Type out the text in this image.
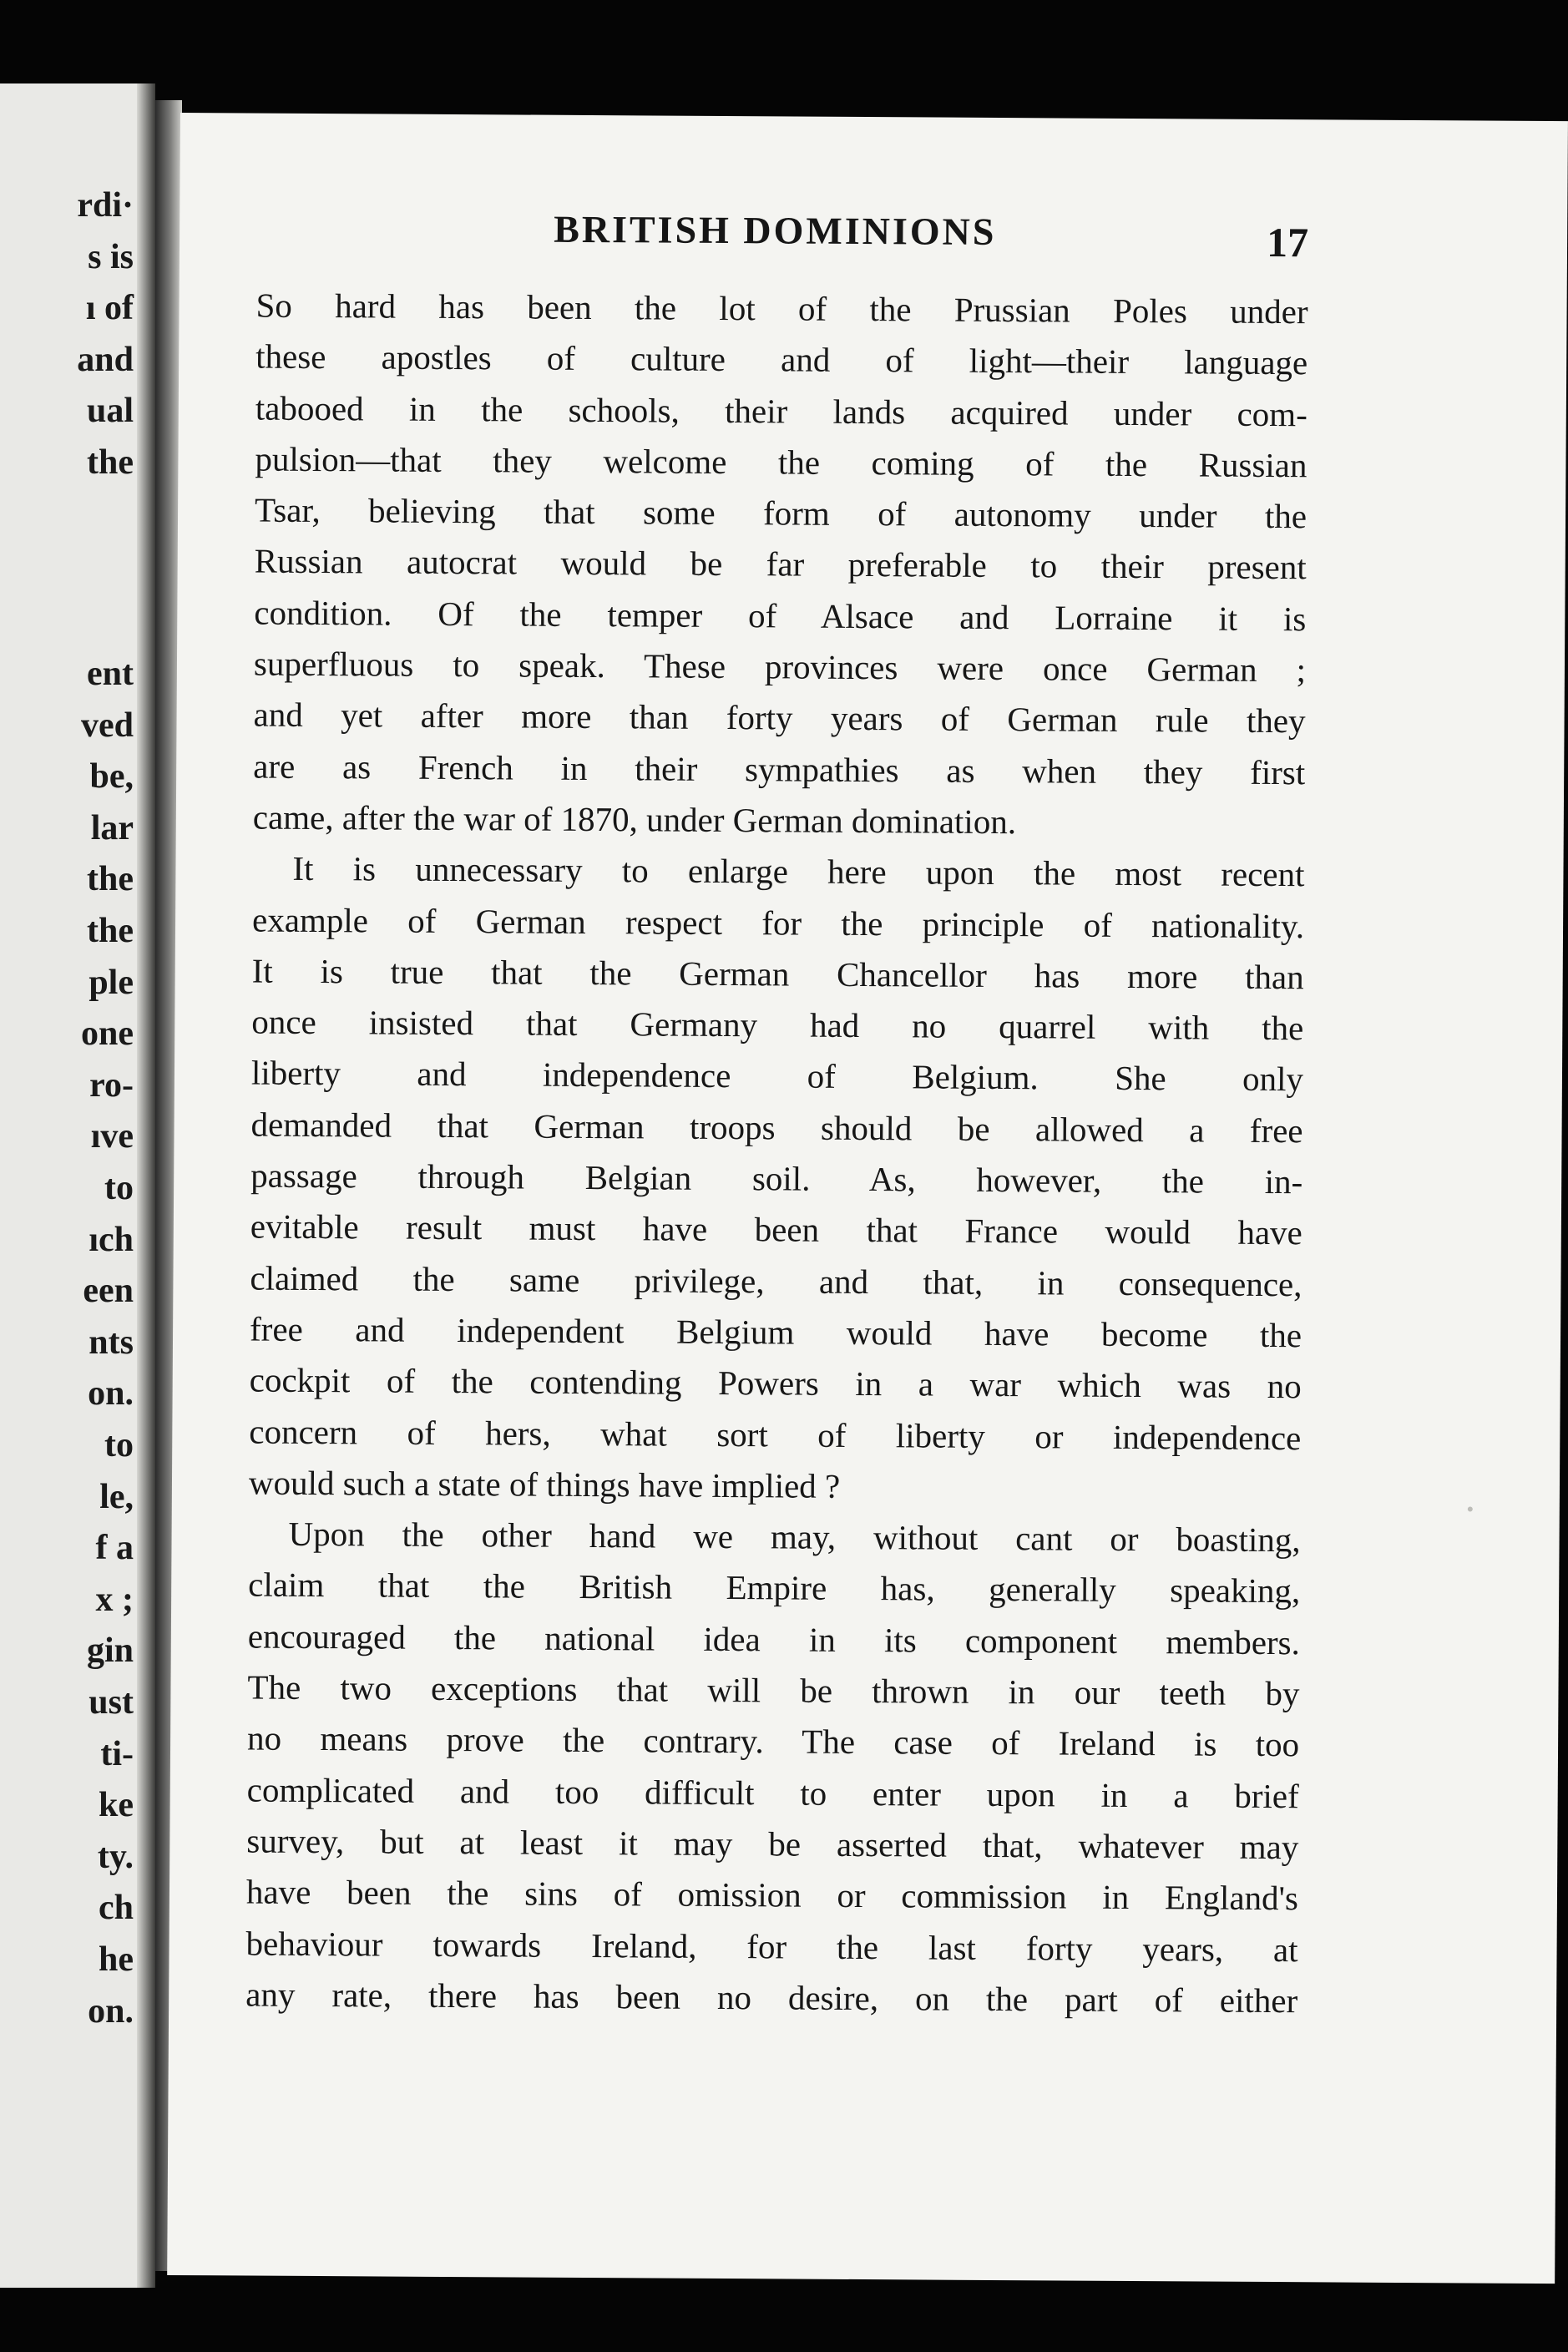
rdi·
s is
ı of
and
ual
the
ent
ved
be,
lar
the
the
ple
one
ro-
ıve
to
ıch
een
nts
on.
to
le,
f a
x ;
gin
ust
ti-
ke
ty.
ch
he
on.
BRITISH DOMINIONS	17
So hard has been the lot of the Prussian Poles under
these apostles of culture and of light—their language
tabooed in the schools, their lands acquired under com-
pulsion—that they welcome the coming of the Russian
Tsar, believing that some form of autonomy under the
Russian autocrat would be far preferable to their present
condition. Of the temper of Alsace and Lorraine it is
superfluous to speak. These provinces were once German ;
and yet after more than forty years of German rule they
are as French in their sympathies as when they first
came, after the war of 1870, under German domination.
It is unnecessary to enlarge here upon the most recent
example of German respect for the principle of nationality.
It is true that the German Chancellor has more than
once insisted that Germany had no quarrel with the
liberty and independence of Belgium. She only
demanded that German troops should be allowed a free
passage through Belgian soil. As, however, the in-
evitable result must have been that France would have
claimed the same privilege, and that, in consequence,
free and independent Belgium would have become the
cockpit of the contending Powers in a war which was no
concern of hers, what sort of liberty or independence
would such a state of things have implied ?
Upon the other hand we may, without cant or boasting,
claim that the British Empire has, generally speaking,
encouraged the national idea in its component members.
The two exceptions that will be thrown in our teeth by
no means prove the contrary. The case of Ireland is too
complicated and too difficult to enter upon in a brief
survey, but at least it may be asserted that, whatever may
have been the sins of omission or commission in England's
behaviour towards Ireland, for the last forty years, at
any rate, there has been no desire, on the part of either
